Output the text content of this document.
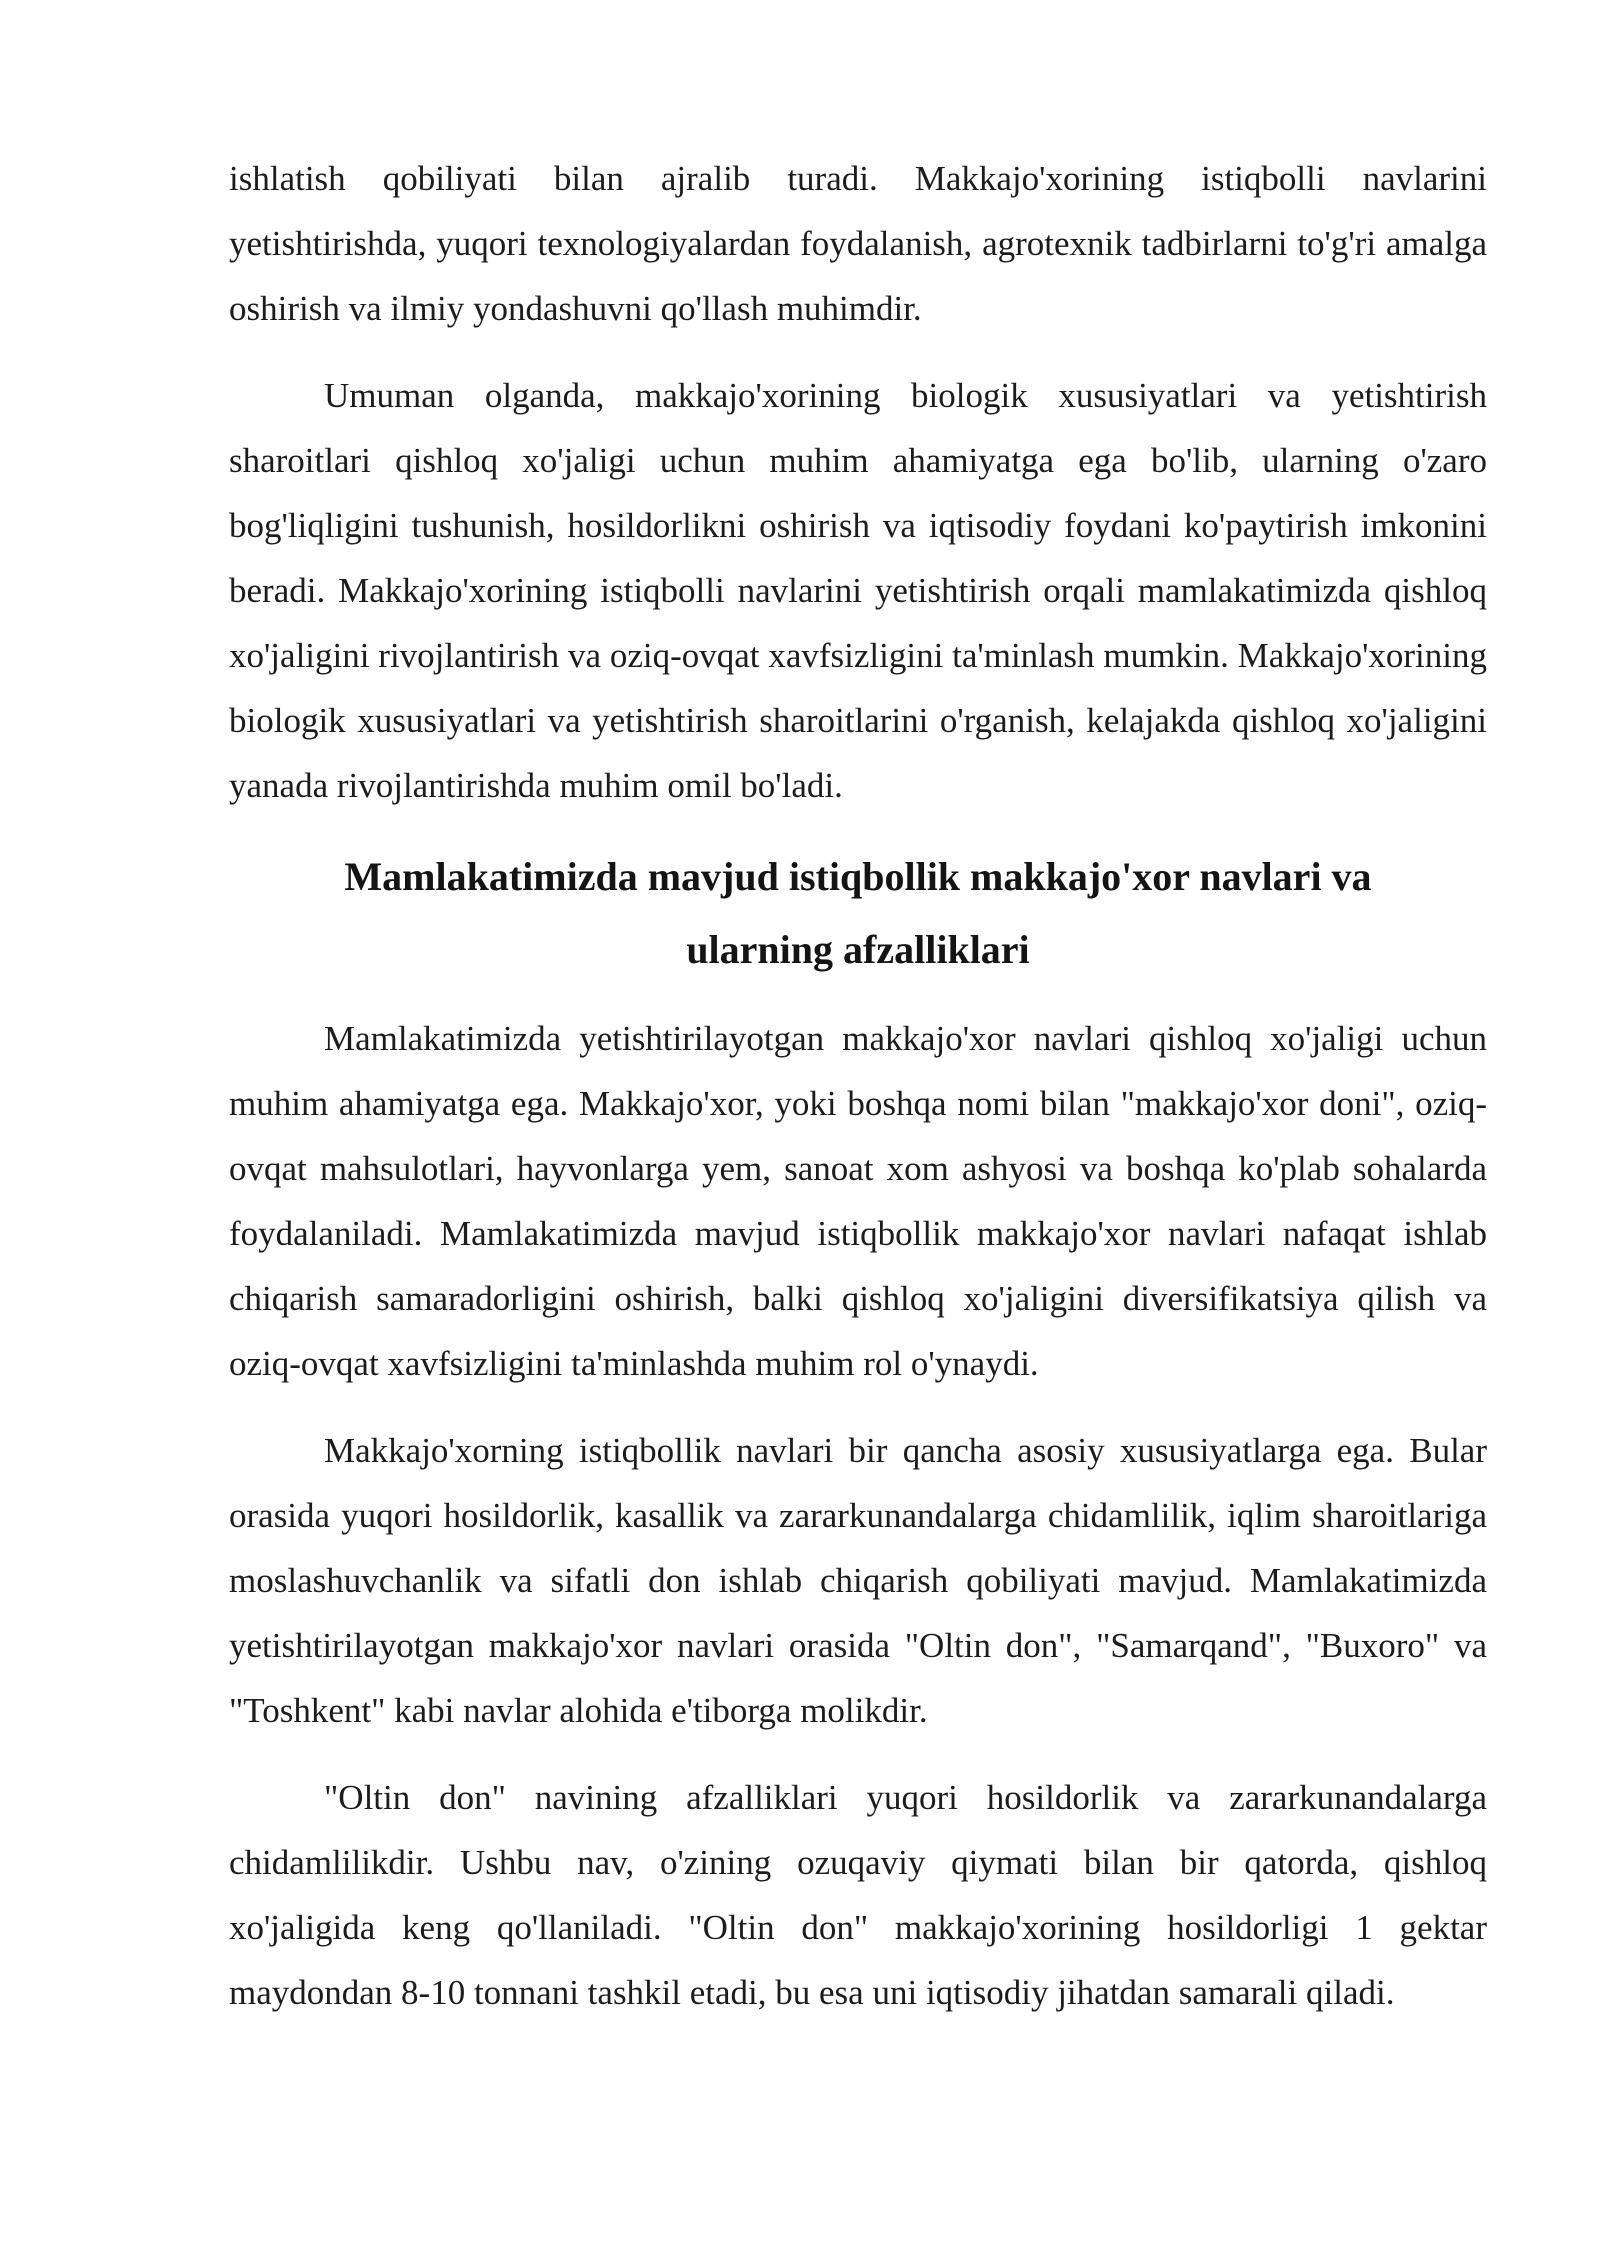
ishlatish qobiliyati bilan ajralib turadi. Makkajo'xorining istiqbolli navlarini yetishtirishda, yuqori texnologiyalardan foydalanish, agrotexnik tadbirlarni to'g'ri amalga oshirish va ilmiy yondashuvni qo'llash muhimdir.

Umuman olganda, makkajo'xorining biologik xususiyatlari va yetishtirish sharoitlari qishloq xo'jaligi uchun muhim ahamiyatga ega bo'lib, ularning o'zaro bog'liqligini tushunish, hosildorlikni oshirish va iqtisodiy foydani ko'paytirish imkonini beradi. Makkajo'xorining istiqbolli navlarini yetishtirish orqali mamlakatimizda qishloq xo'jaligini rivojlantirish va oziq-ovqat xavfsizligini ta'minlash mumkin. Makkajo'xorining biologik xususiyatlari va yetishtirish sharoitlarini o'rganish, kelajakda qishloq xo'jaligini yanada rivojlantirishda muhim omil bo'ladi.

Mamlakatimizda mavjud istiqbollik makkajo'xor navlari va
ularning afzalliklari

Mamlakatimizda yetishtirilayotgan makkajo'xor navlari qishloq xo'jaligi uchun muhim ahamiyatga ega. Makkajo'xor, yoki boshqa nomi bilan "makkajo'xor doni", oziq-ovqat mahsulotlari, hayvonlarga yem, sanoat xom ashyosi va boshqa ko'plab sohalarda foydalaniladi. Mamlakatimizda mavjud istiqbollik makkajo'xor navlari nafaqat ishlab chiqarish samaradorligini oshirish, balki qishloq xo'jaligini diversifikatsiya qilish va oziq-ovqat xavfsizligini ta'minlashda muhim rol o'ynaydi.

Makkajo'xorning istiqbollik navlari bir qancha asosiy xususiyatlarga ega. Bular orasida yuqori hosildorlik, kasallik va zararkunandalarga chidamlilik, iqlim sharoitlariga moslashuvchanlik va sifatli don ishlab chiqarish qobiliyati mavjud. Mamlakatimizda yetishtirilayotgan makkajo'xor navlari orasida "Oltin don", "Samarqand", "Buxoro" va "Toshkent" kabi navlar alohida e'tiborga molikdir.

"Oltin don" navining afzalliklari yuqori hosildorlik va zararkunandalarga chidamlilikdir. Ushbu nav, o'zining ozuqaviy qiymati bilan bir qatorda, qishloq xo'jaligida keng qo'llaniladi. "Oltin don" makkajo'xorining hosildorligi 1 gektar maydondan 8-10 tonnani tashkil etadi, bu esa uni iqtisodiy jihatdan samarali qiladi.
